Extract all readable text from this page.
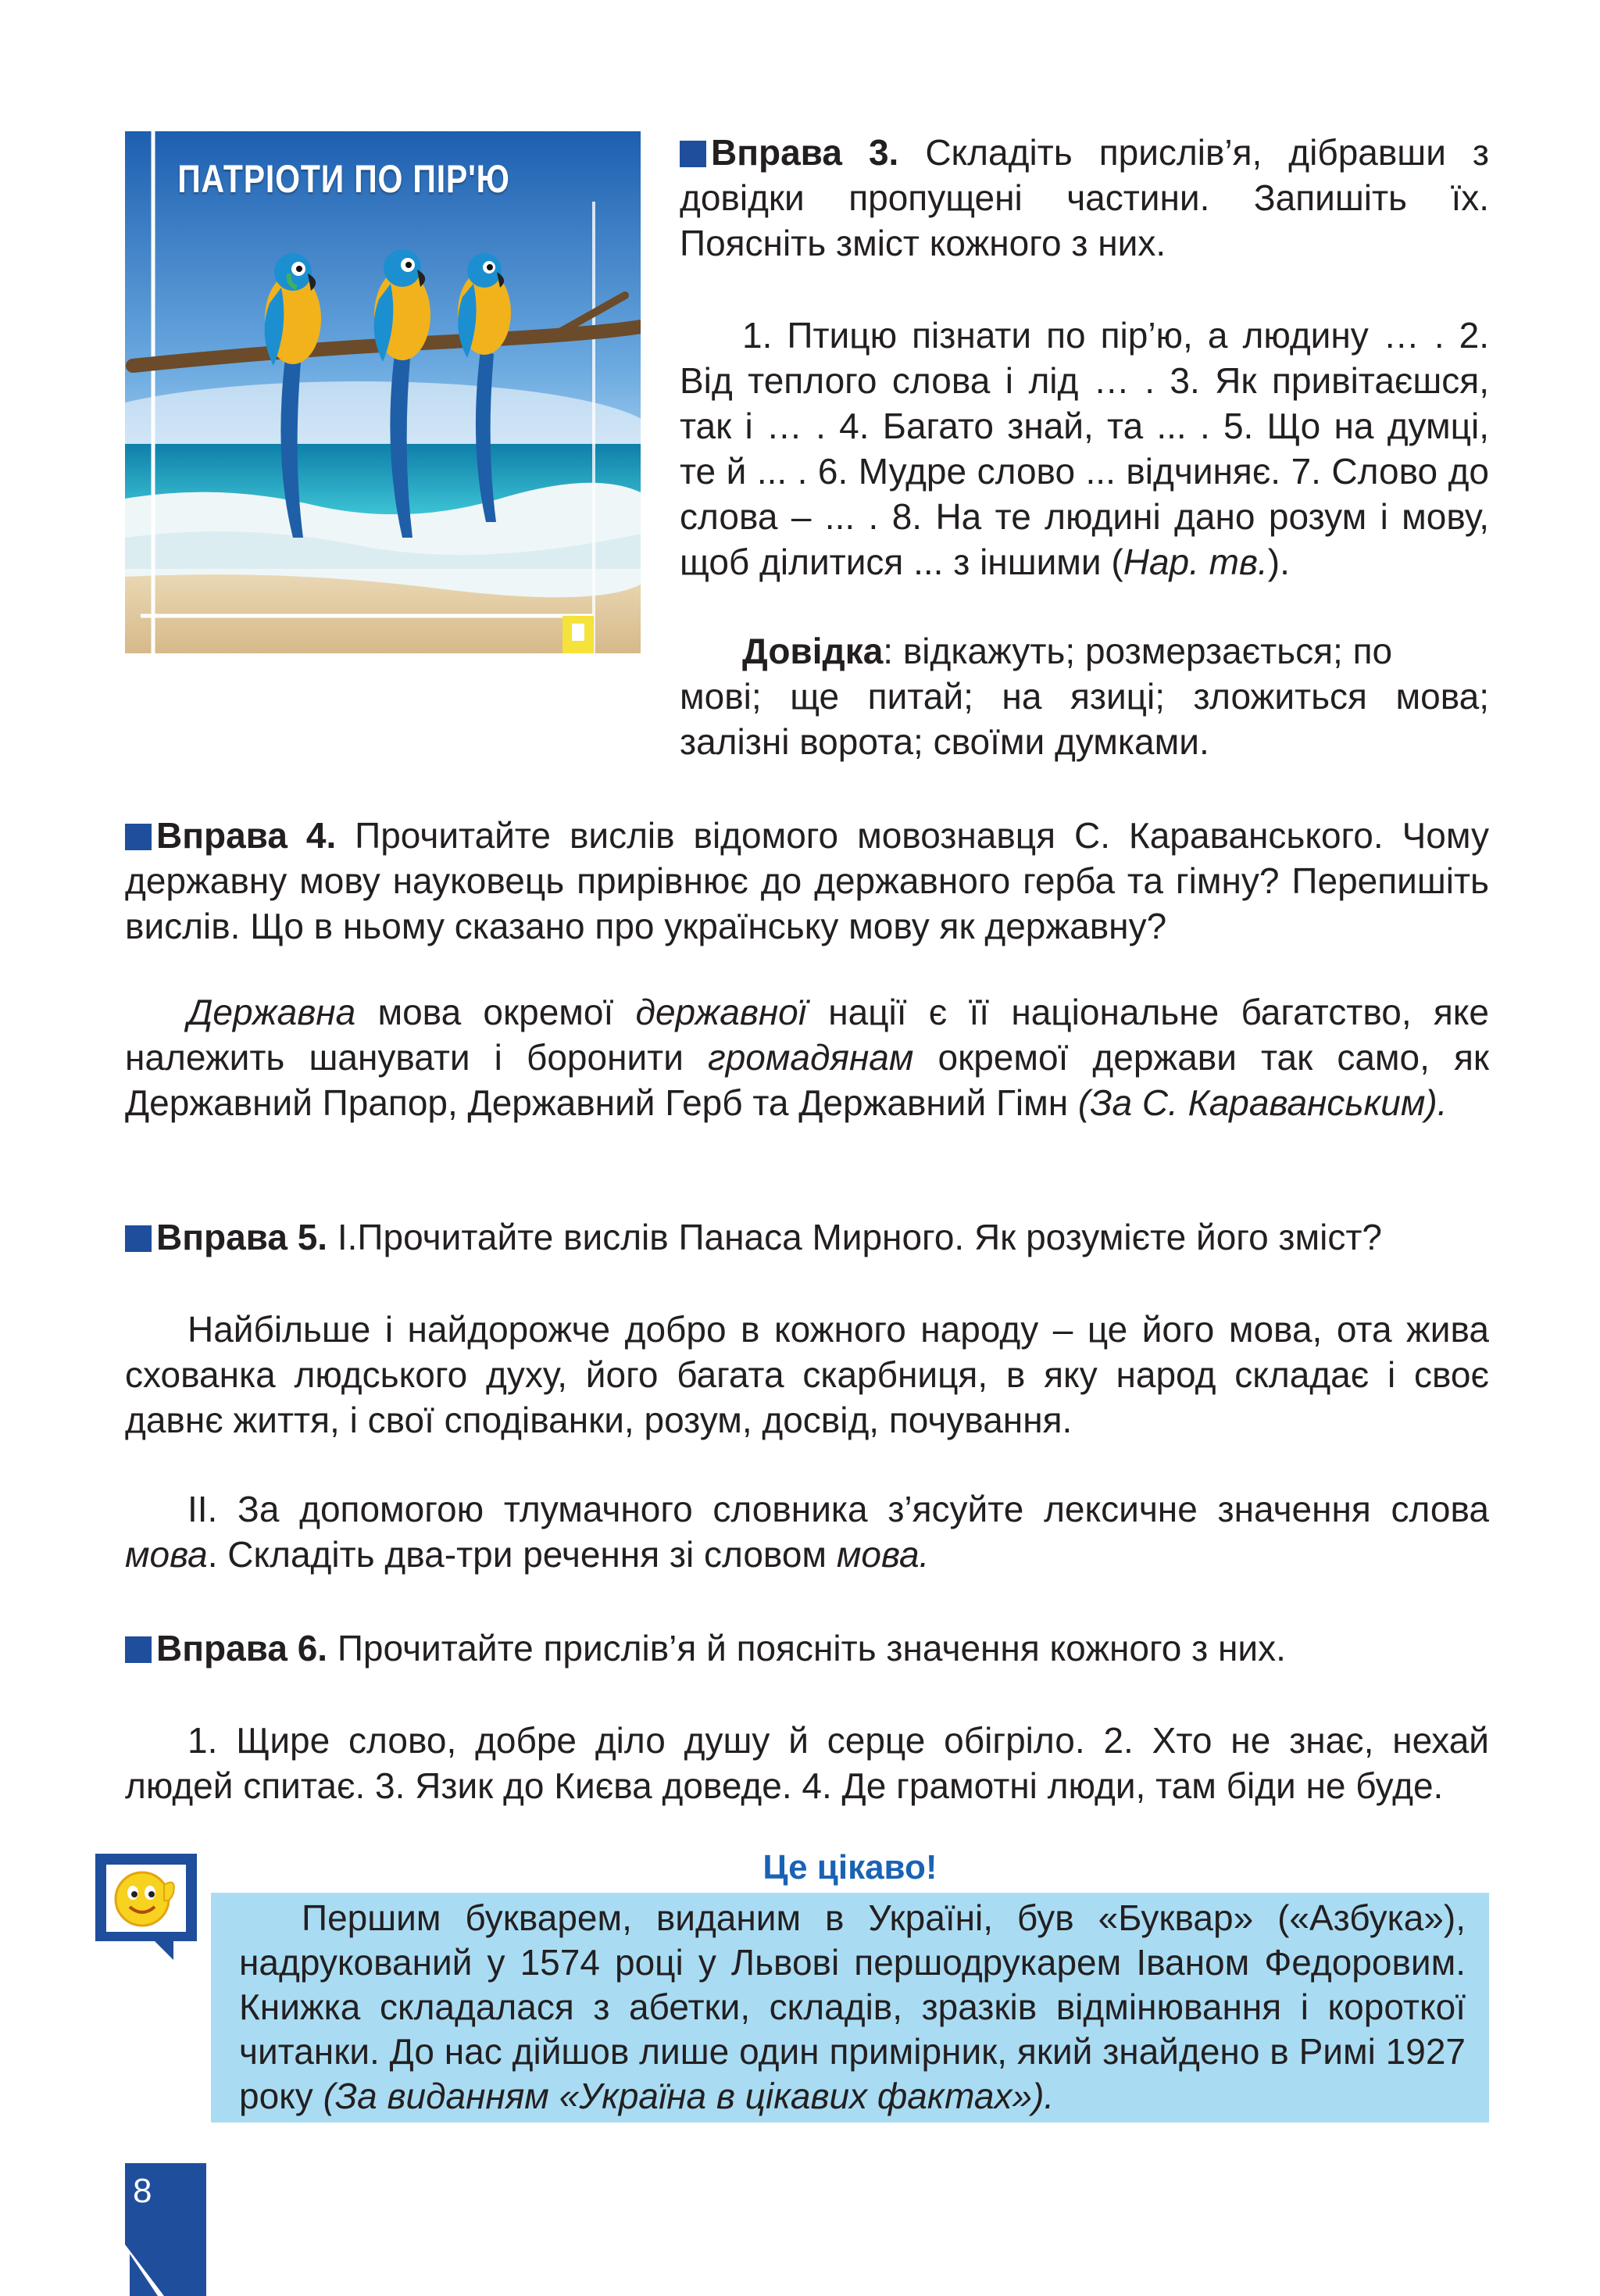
ПАТРІОТИ ПО ПІР'Ю
Вправа 3. Складіть прислів’я, дібравши з довідки пропущені частини. Запишіть їх. Поясніть зміст кожного з них.
1. Птицю пізнати по пір’ю, а людину … . 2. Від теплого слова і лід … . 3. Як привітаєшся, так і … . 4. Багато знай, та ... . 5. Що на думці, те й ... . 6. Мудре слово ... відчиняє. 7. Слово до слова – ... . 8. На те людині дано розум і мову, щоб ділитися ... з іншими (Нар. тв.).

Довідка: відкажуть; розмерзається; по

мові; ще питай; на язиці; зложиться мова; залізні ворота; своїми думками.

Вправа 4. Прочитайте вислів відомого мовознавця С. Караванського. Чому державну мову науковець прирівнює до державного герба та гімну? Перепишіть вислів. Що в ньому сказано про українську мову як державну?
Державна мова окремої державної нації є її національне багатство, яке належить шанувати і боронити громадянам окремої держави так само, як Державний Прапор, Державний Герб та Державний Гімн (За С. Караванським).
Вправа 5. І.Прочитайте вислів Панаса Мирного. Як розумієте його зміст?
Найбільше і найдорожче добро в кожного народу – це його мова, ота жива схованка людського духу, його багата скарбниця, в яку народ складає і своє давнє життя, і свої сподіванки, розум, досвід, почування.
ІІ. За допомогою тлумачного словника з’ясуйте лексичне значення слова мова. Складіть два-три речення зі словом мова.
Вправа 6. Прочитайте прислів’я й поясніть значення кожного з них.
1. Щире слово, добре діло душу й серце обігріло. 2. Хто не знає, нехай людей спитає. 3. Язик до Києва доведе. 4. Де грамотні люди, там біди не буде.
Це цікаво!
Першим букварем, виданим в Україні, був «Буквар» («Азбука»), надрукований у 1574 році у Львові першодрукарем Іваном Федоровим. Книжка складалася з абетки, складів, зразків відмінювання і короткої читанки. До нас дійшов лише один примірник, який знайдено в Римі 1927 року (За виданням «Україна в цікавих фактах»).
8
